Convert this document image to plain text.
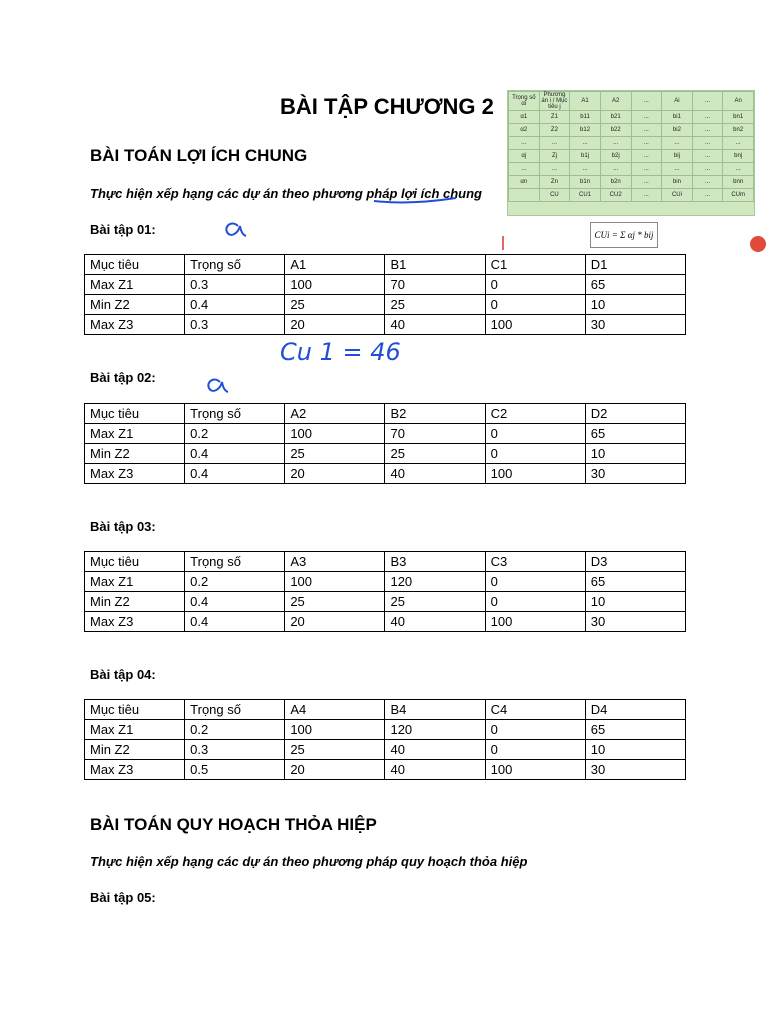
BÀI TẬP CHƯƠNG 2	Trọng số αi	Phương án i / Mục tiêu j	A1	A2	...	Ai	...	An
α1	Z1	b11	b21	...	bi1	...	bn1
α2	Z2	b12	b22	...	bi2	...	bn2
...	...	...	...	...	...	...	...
αj	Zj	b1j	b2j	...	bij	...	bnj
...	...	...	...	...	...	...	...
αn	Zn	b1n	b2n	...	bin	...	bnn
	CU	CU1	CU2	...	CUi	...	CUm
CUi = Σ αj * bij
BÀI TOÁN LỢI ÍCH CHUNG
Thực hiện xếp hạng các dự án theo phương pháp lợi ích chung
Bài tập 01:
Mục tiêu	Trọng số	A1	B1	C1	D1
Max Z1	0.3	100	70	0	65
Min Z2	0.4	25	25	0	10
Max Z3	0.3	20	40	100	30
Bài tập 02:
Mục tiêu	Trọng số	A2	B2	C2	D2
Max Z1	0.2	100	70	0	65
Min Z2	0.4	25	25	0	10
Max Z3	0.4	20	40	100	30
Bài tập 03:
Mục tiêu	Trọng số	A3	B3	C3	D3
Max Z1	0.2	100	120	0	65
Min Z2	0.4	25	25	0	10
Max Z3	0.4	20	40	100	30
Bài tập 04:
Mục tiêu	Trọng số	A4	B4	C4	D4
Max Z1	0.2	100	120	0	65
Min Z2	0.3	25	40	0	10
Max Z3	0.5	20	40	100	30
BÀI TOÁN QUY HOẠCH THỎA HIỆP
Thực hiện xếp hạng các dự án theo phương pháp quy hoạch thỏa hiệp
Bài tập 05:
Cu 1 = 46
